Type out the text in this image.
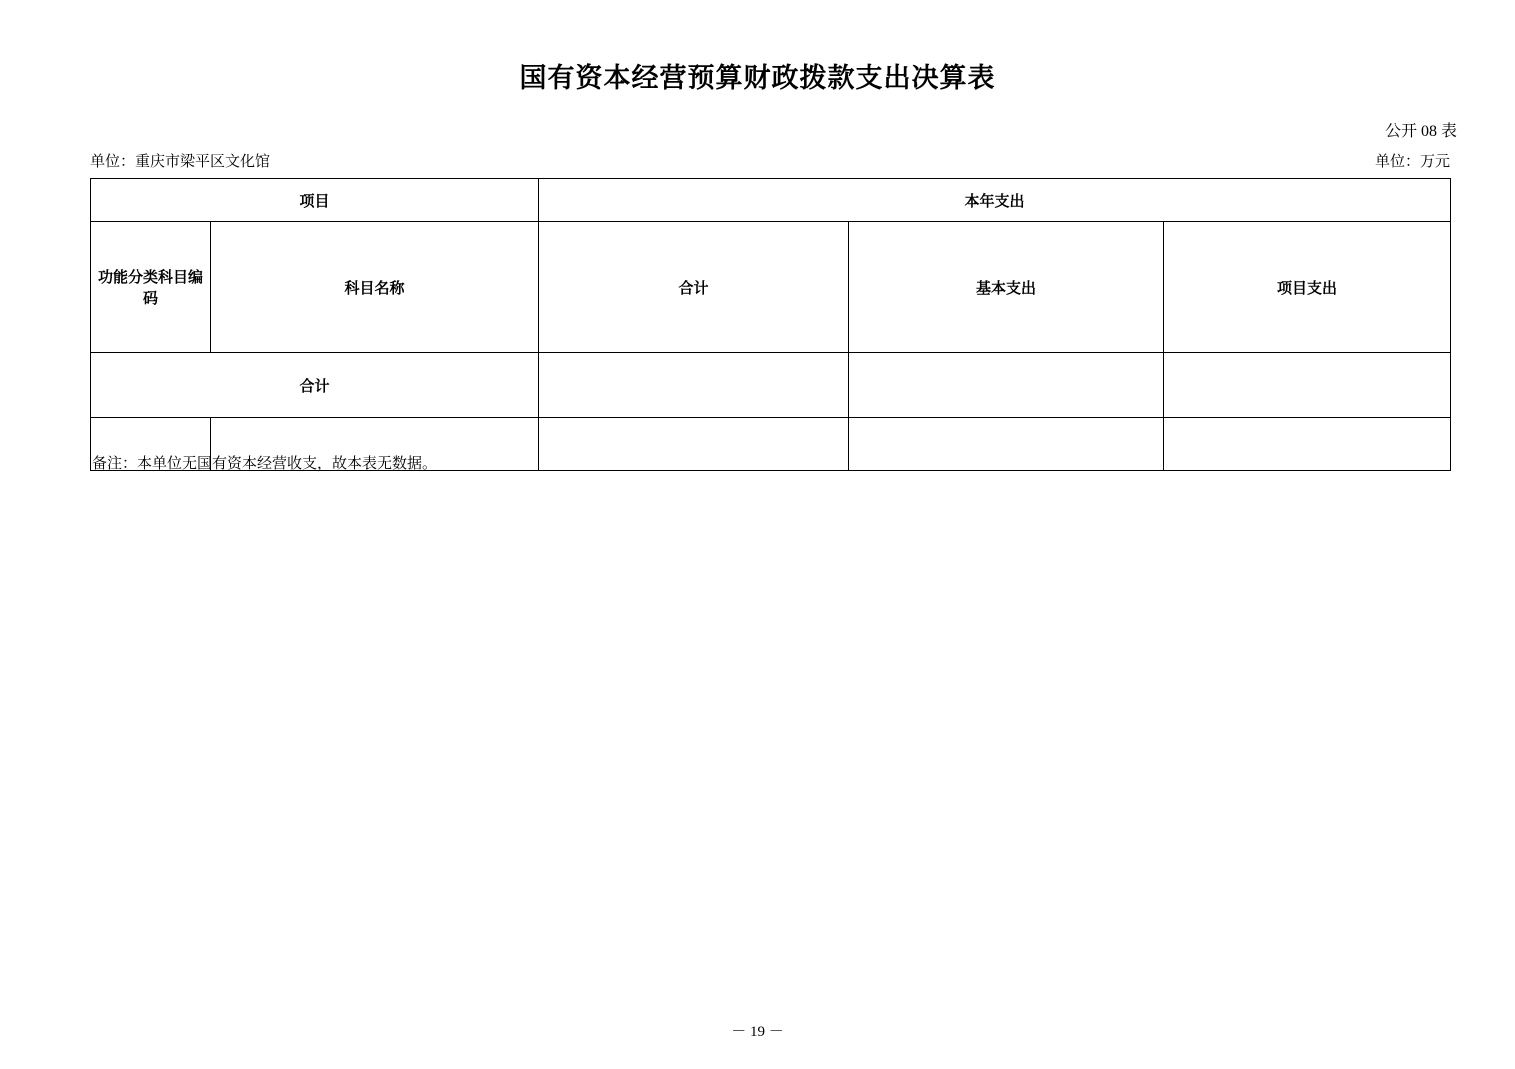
国有资本经营预算财政拨款支出决算表
公开 08 表
单位：重庆市梁平区文化馆	单位：万元
项目		本年支出		
功能分类科目编码	科目名称	合计	基本支出	项目支出
合计				

备注：本单位无国有资本经营收支，故本表无数据。
－ 19 －
